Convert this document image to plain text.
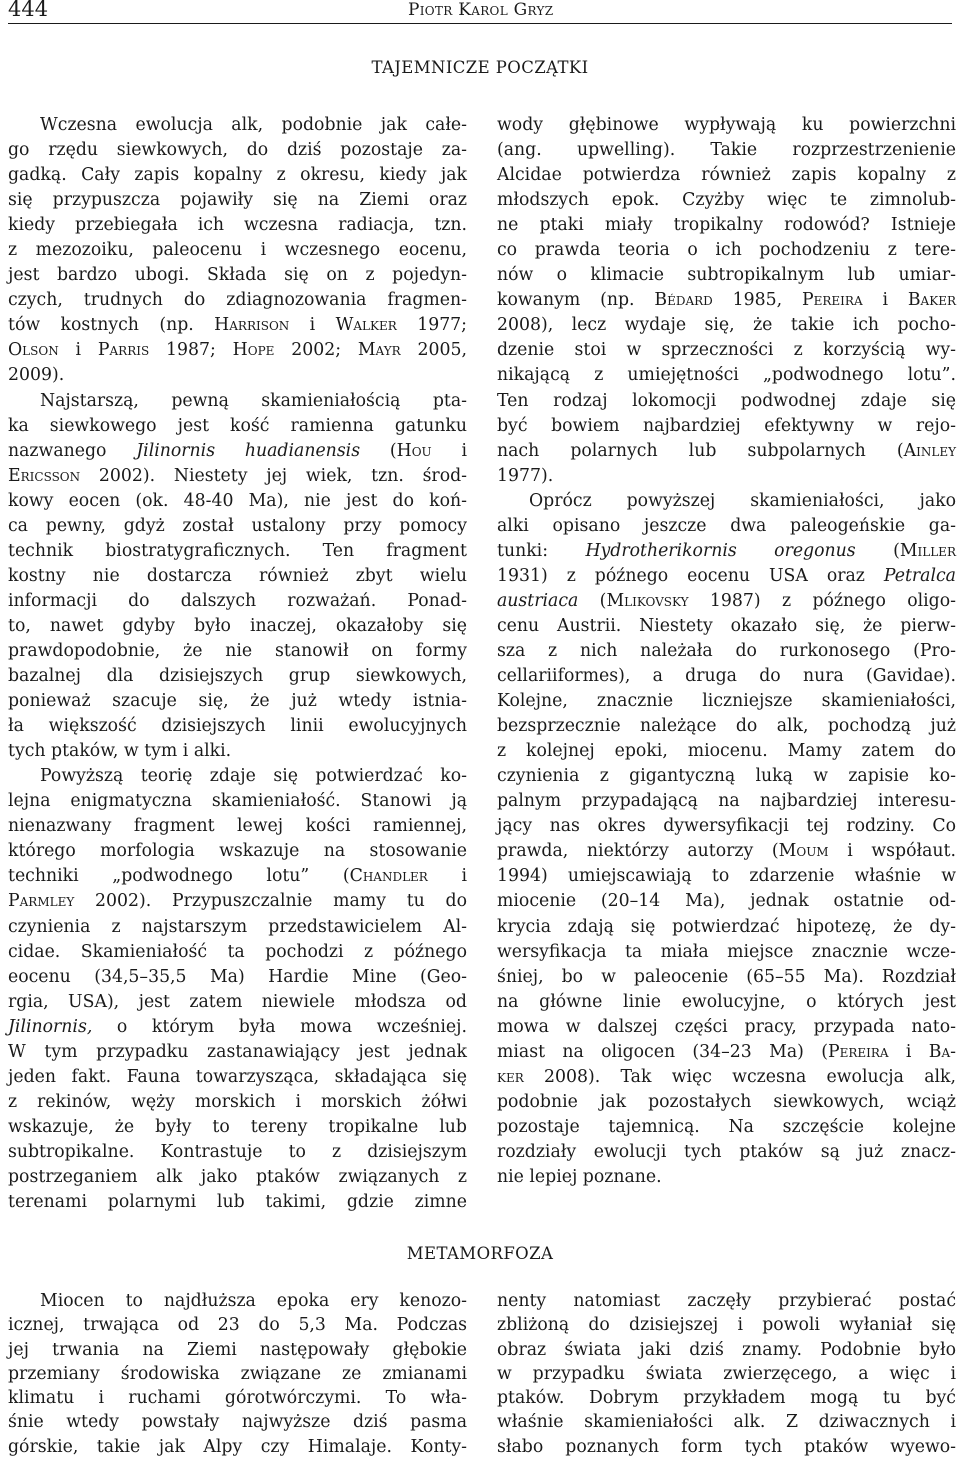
444	Piotr Karol Gryz
TAJEMNICZE POCZĄTKI
Wczesna ewolucja alk, podobnie jak całe-
go rzędu siewkowych, do dziś pozostaje za-
gadką. Cały zapis kopalny z okresu, kiedy jak
się przypuszcza pojawiły się na Ziemi oraz
kiedy przebiegała ich wczesna radiacja, tzn.
z mezozoiku, paleocenu i wczesnego eocenu,
jest bardzo ubogi. Składa się on z pojedyn-
czych, trudnych do zdiagnozowania fragmen-
tów kostnych (np. Harrison i Walker 1977;
Olson i Parris 1987; Hope 2002; Mayr 2005,
2009).
Najstarszą, pewną skamieniałością pta-
ka siewkowego jest kość ramienna gatunku
nazwanego Jilinornis huadianensis (Hou i
Ericsson 2002). Niestety jej wiek, tzn. środ-
kowy eocen (ok. 48-40 Ma), nie jest do koń-
ca pewny, gdyż został ustalony przy pomocy
technik biostratygraficznych. Ten fragment
kostny nie dostarcza również zbyt wielu
informacji do dalszych rozważań. Ponad-
to, nawet gdyby było inaczej, okazałoby się
prawdopodobnie, że nie stanowił on formy
bazalnej dla dzisiejszych grup siewkowych,
ponieważ szacuje się, że już wtedy istnia-
ła większość dzisiejszych linii ewolucyjnych
tych ptaków, w tym i alki.
Powyższą teorię zdaje się potwierdzać ko-
lejna enigmatyczna skamieniałość. Stanowi ją
nienazwany fragment lewej kości ramiennej,
którego morfologia wskazuje na stosowanie
techniki „podwodnego lotu” (Chandler i
Parmley 2002). Przypuszczalnie mamy tu do
czynienia z najstarszym przedstawicielem Al-
cidae. Skamieniałość ta pochodzi z późnego
eocenu (34,5–35,5 Ma) Hardie Mine (Geo-
rgia, USA), jest zatem niewiele młodsza od
Jilinornis, o którym była mowa wcześniej.
W tym przypadku zastanawiający jest jednak
jeden fakt. Fauna towarzysząca, składająca się
z rekinów, węży morskich i morskich żółwi
wskazuje, że były to tereny tropikalne lub
subtropikalne. Kontrastuje to z dzisiejszym
postrzeganiem alk jako ptaków związanych z
terenami polarnymi lub takimi, gdzie zimne
wody głębinowe wypływają ku powierzchni
(ang. upwelling). Takie rozprzestrzenienie
Alcidae potwierdza również zapis kopalny z
młodszych epok. Czyżby więc te zimnolub-
ne ptaki miały tropikalny rodowód? Istnieje
co prawda teoria o ich pochodzeniu z tere-
nów o klimacie subtropikalnym lub umiar-
kowanym (np. Bédard 1985, Pereira i Baker
2008), lecz wydaje się, że takie ich pocho-
dzenie stoi w sprzeczności z korzyścią wy-
nikającą z umiejętności „podwodnego lotu”.
Ten rodzaj lokomocji podwodnej zdaje się
być bowiem najbardziej efektywny w rejo-
nach polarnych lub subpolarnych (Ainley
1977).
Oprócz powyższej skamieniałości, jako
alki opisano jeszcze dwa paleogeńskie ga-
tunki: Hydrotherikornis oregonus (Miller
1931) z późnego eocenu USA oraz Petralca
austriaca (Mlikovsky 1987) z późnego oligo-
cenu Austrii. Niestety okazało się, że pierw-
sza z nich należała do rurkonosego (Pro-
cellariiformes), a druga do nura (Gavidae).
Kolejne, znacznie liczniejsze skamieniałości,
bezsprzecznie należące do alk, pochodzą już
z kolejnej epoki, miocenu. Mamy zatem do
czynienia z gigantyczną luką w zapisie ko-
palnym przypadającą na najbardziej interesu-
jący nas okres dywersyfikacji tej rodziny. Co
prawda, niektórzy autorzy (Moum i współaut.
1994) umiejscawiają to zdarzenie właśnie w
miocenie (20–14 Ma), jednak ostatnie od-
krycia zdają się potwierdzać hipotezę, że dy-
wersyfikacja ta miała miejsce znacznie wcze-
śniej, bo w paleocenie (65–55 Ma). Rozdział
na główne linie ewolucyjne, o których jest
mowa w dalszej części pracy, przypada nato-
miast na oligocen (34–23 Ma) (Pereira i Ba-
ker 2008). Tak więc wczesna ewolucja alk,
podobnie jak pozostałych siewkowych, wciąż
pozostaje tajemnicą. Na szczęście kolejne
rozdziały ewolucji tych ptaków są już znacz-
nie lepiej poznane.
METAMORFOZA
Miocen to najdłuższa epoka ery kenozo-
icznej, trwająca od 23 do 5,3 Ma. Podczas
jej trwania na Ziemi następowały głębokie
przemiany środowiska związane ze zmianami
klimatu i ruchami górotwórczymi. To wła-
śnie wtedy powstały najwyższe dziś pasma
górskie, takie jak Alpy czy Himalaje. Konty-
nenty natomiast zaczęły przybierać postać
zbliżoną do dzisiejszej i powoli wyłaniał się
obraz świata jaki dziś znamy. Podobnie było
w przypadku świata zwierzęcego, a więc i
ptaków. Dobrym przykładem mogą tu być
właśnie skamieniałości alk. Z dziwacznych i
słabo poznanych form tych ptaków wyewo-
